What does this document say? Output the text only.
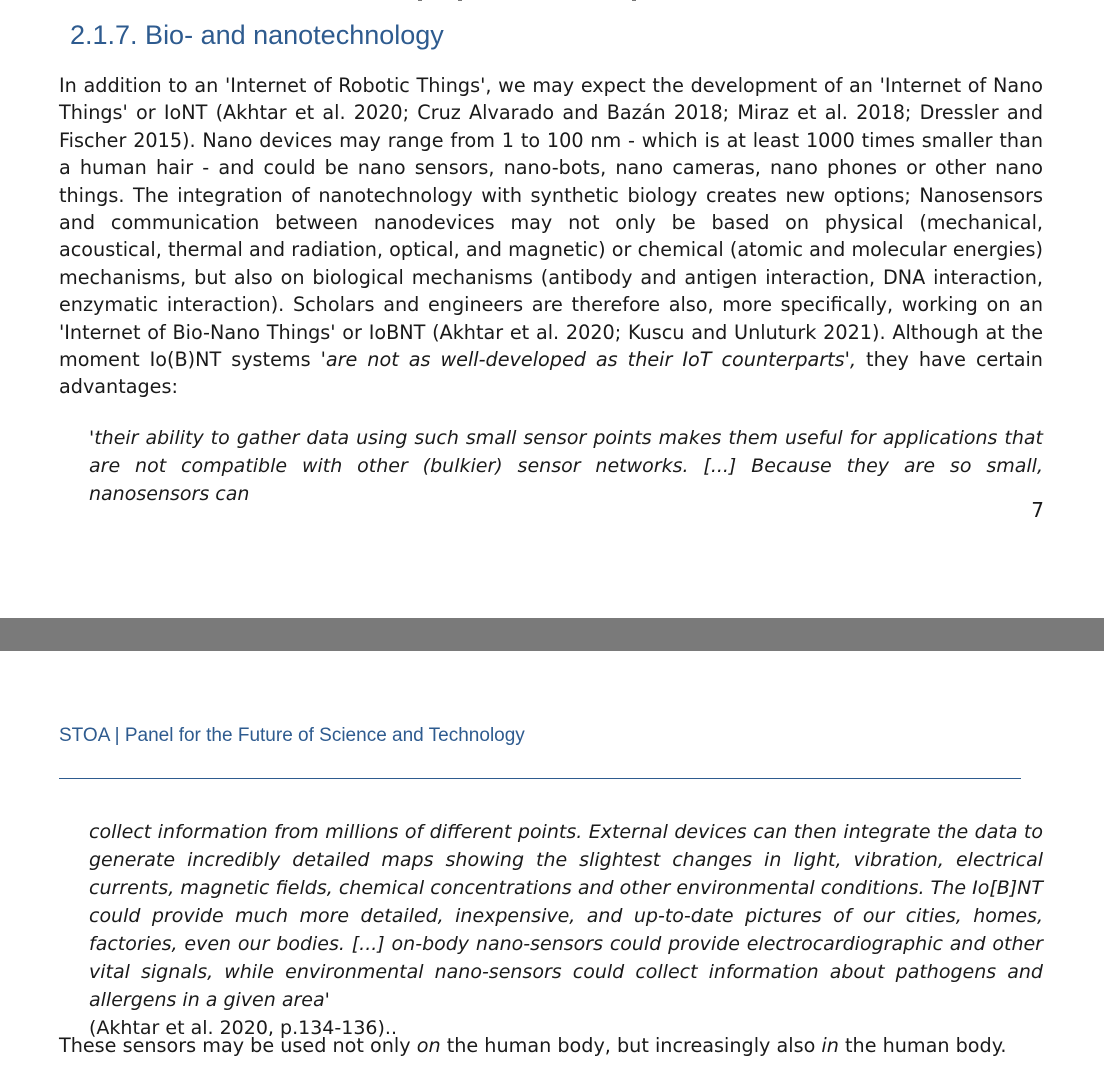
2.1.7. Bio- and nanotechnology

In addition to an 'Internet of Robotic Things', we may expect the development of an 'Internet of Nano Things' or IoNT (Akhtar et al. 2020; Cruz Alvarado and Bazán 2018; Miraz et al. 2018; Dressler and Fischer 2015). Nano devices may range from 1 to 100 nm - which is at least 1000 times smaller than a human hair - and could be nano sensors, nano-bots, nano cameras, nano phones or other nano things. The integration of nanotechnology with synthetic biology creates new options; Nanosensors and communication between nanodevices may not only be based on physical (mechanical, acoustical, thermal and radiation, optical, and magnetic) or chemical (atomic and molecular energies) mechanisms, but also on biological mechanisms (antibody and antigen interaction, DNA interaction, enzymatic interaction). Scholars and engineers are therefore also, more specifically, working on an 'Internet of Bio-Nano Things' or IoBNT (Akhtar et al. 2020; Kuscu and Unluturk 2021). Although at the moment Io(B)NT systems 'are not as well-developed as their IoT counterparts', they have certain advantages:

'their ability to gather data using such small sensor points makes them useful for applications that are not compatible with other (bulkier) sensor networks. [...] Because they are so small, nanosensors can

7
STOA | Panel for the Future of Science and Technology

collect information from millions of different points. External devices can then integrate the data to generate incredibly detailed maps showing the slightest changes in light, vibration, electrical currents, magnetic fields, chemical concentrations and other environmental conditions. The Io[B]NT could provide much more detailed, inexpensive, and up-to-date pictures of our cities, homes, factories, even our bodies. [...] on-body nano-sensors could provide electrocardiographic and other vital signals, while environmental nano-sensors could collect information about pathogens and allergens in a given area'
(Akhtar et al. 2020, p.134-136)..

These sensors may be used not only on the human body, but increasingly also in the human body.
